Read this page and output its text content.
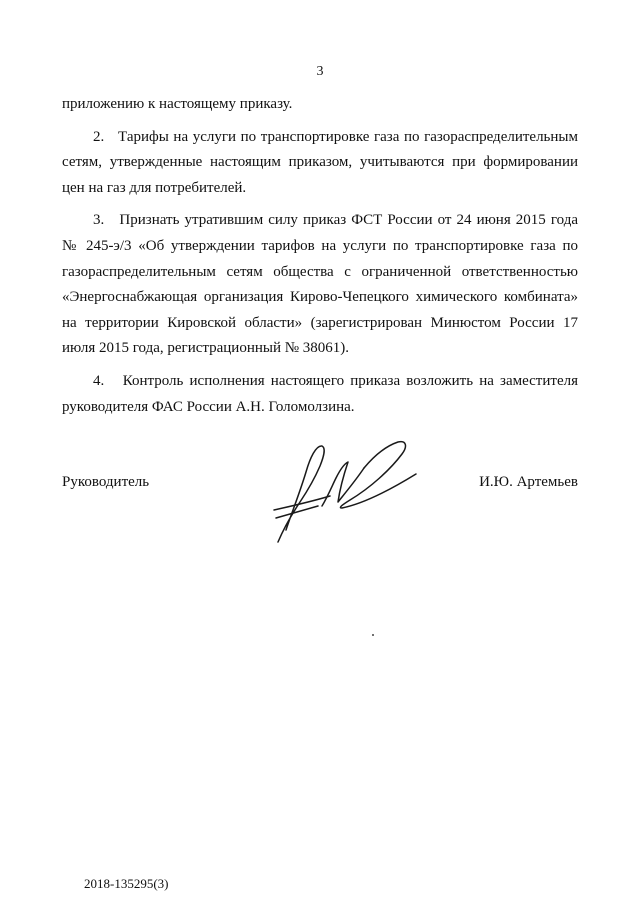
3

приложению к настоящему приказу.

2.   Тарифы на услуги по транспортировке газа по газораспределительным сетям, утвержденные настоящим приказом, учитываются при формировании цен на газ для потребителей.

3.   Признать утратившим силу приказ ФСТ России от 24 июня 2015 года № 245-э/3 «Об утверждении тарифов на услуги по транспортировке газа по газораспределительным сетям общества с ограниченной ответственностью «Энергоснабжающая организация Кирово-Чепецкого химического комбината» на территории Кировской области» (зарегистрирован Минюстом России 17 июля 2015 года, регистрационный № 38061).

4.   Контроль исполнения настоящего приказа возложить на заместителя руководителя ФАС России А.Н. Голомолзина.

Руководитель	И.Ю. Артемьев
2018-135295(3)
